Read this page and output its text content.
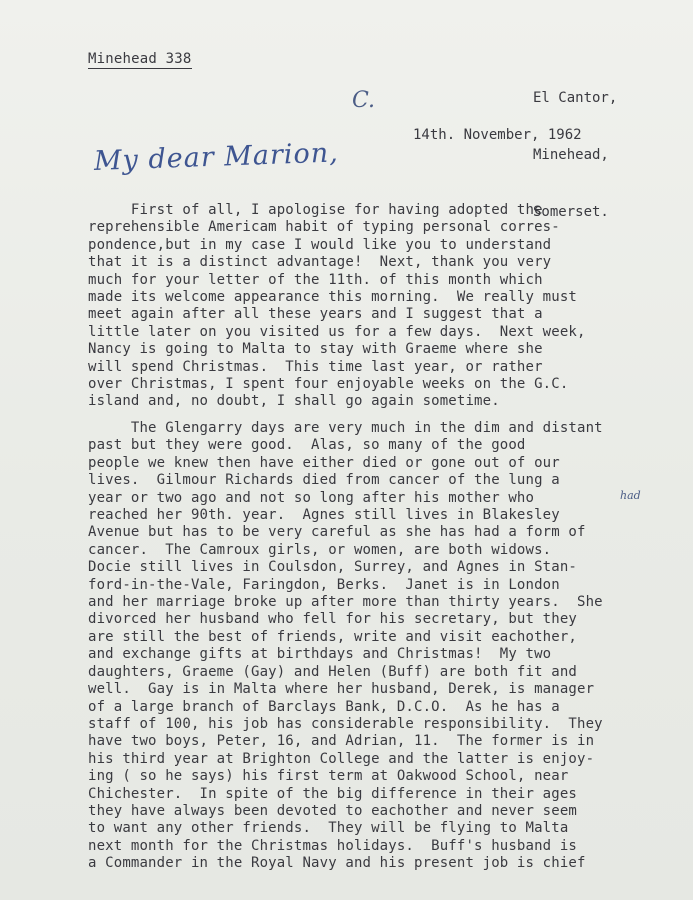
Minehead 338

El Cantor,

Minehead,

Somerset.

C.
14th. November, 1962
My dear Marion,
First of all, I apologise for having adopted the
reprehensible Americam habit of typing personal corres-
pondence,but in my case I would like you to understand
that it is a distinct advantage!  Next, thank you very
much for your letter of the 11th. of this month which
made its welcome appearance this morning.  We really must
meet again after all these years and I suggest that a
little later on you visited us for a few days.  Next week,
Nancy is going to Malta to stay with Graeme where she
will spend Christmas.  This time last year, or rather
over Christmas, I spent four enjoyable weeks on the G.C.
island and, no doubt, I shall go again sometime.
The Glengarry days are very much in the dim and distant
past but they were good.  Alas, so many of the good
people we knew then have either died or gone out of our
lives.  Gilmour Richards died from cancer of the lung a
year or two ago and not so long after his mother who
reached her 90th. year.  Agnes still lives in Blakesley
Avenue but has to be very careful as she has had a form of
cancer.  The Camroux girls, or women, are both widows.
Docie still lives in Coulsdon, Surrey, and Agnes in Stan-
ford-in-the-Vale, Faringdon, Berks.  Janet is in London
and her marriage broke up after more than thirty years.  She
divorced her husband who fell for his secretary, but they
are still the best of friends, write and visit eachother,
and exchange gifts at birthdays and Christmas!  My two
daughters, Graeme (Gay) and Helen (Buff) are both fit and
well.  Gay is in Malta where her husband, Derek, is manager
of a large branch of Barclays Bank, D.C.O.  As he has a
staff of 100, his job has considerable responsibility.  They
have two boys, Peter, 16, and Adrian, 11.  The former is in
his third year at Brighton College and the latter is enjoy-
ing ( so he says) his first term at Oakwood School, near
Chichester.  In spite of the big difference in their ages
they have always been devoted to eachother and never seem
to want any other friends.  They will be flying to Malta
next month for the Christmas holidays.  Buff's husband is
a Commander in the Royal Navy and his present job is chief
had
